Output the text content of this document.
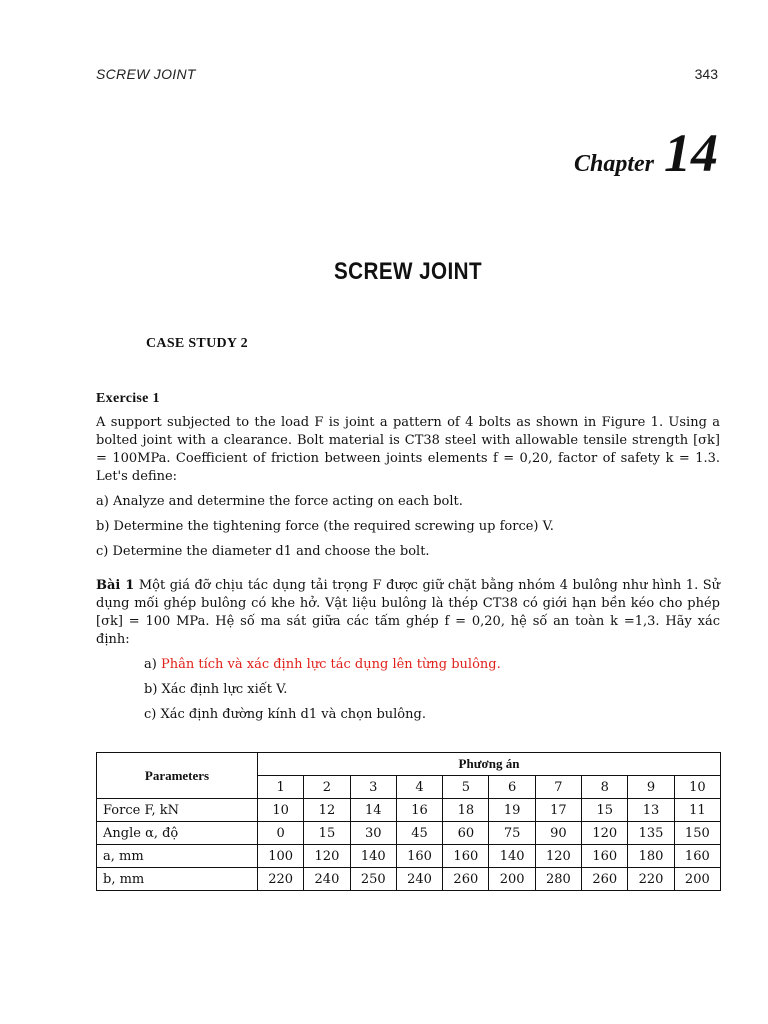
SCREW JOINT	343
Chapter 14
SCREW JOINT
CASE STUDY 2
Exercise 1

A support subjected to the load F is joint a pattern of 4 bolts as shown in Figure 1. Using a bolted joint with a clearance. Bolt material is CT38 steel with allowable tensile strength [σk] = 100MPa. Coefficient of friction between joints elements f = 0,20, factor of safety k = 1.3. Let's define:

a) Analyze and determine the force acting on each bolt.

b) Determine the tightening force (the required screwing up force) V.

c) Determine the diameter d1 and choose the bolt.

Bài 1 Một giá đỡ chịu tác dụng tải trọng F được giữ chặt bằng nhóm 4 bulông như hình 1. Sử dụng mối ghép bulông có khe hở. Vật liệu bulông là thép CT38 có giới hạn bền kéo cho phép [σk] = 100 MPa. Hệ số ma sát giữa các tấm ghép f = 0,20, hệ số an toàn k =1,3. Hãy xác định:

a) Phân tích và xác định lực tác dụng lên từng bulông.

b) Xác định lực xiết V.

c) Xác định đường kính d1 và chọn bulông.

Parameters	Phương án									
	1	2	3	4	5	6	7	8	9	10
Force F, kN	10	12	14	16	18	19	17	15	13	11
Angle α, độ	0	15	30	45	60	75	90	120	135	150
a, mm	100	120	140	160	160	140	120	160	180	160
b, mm	220	240	250	240	260	200	280	260	220	200
